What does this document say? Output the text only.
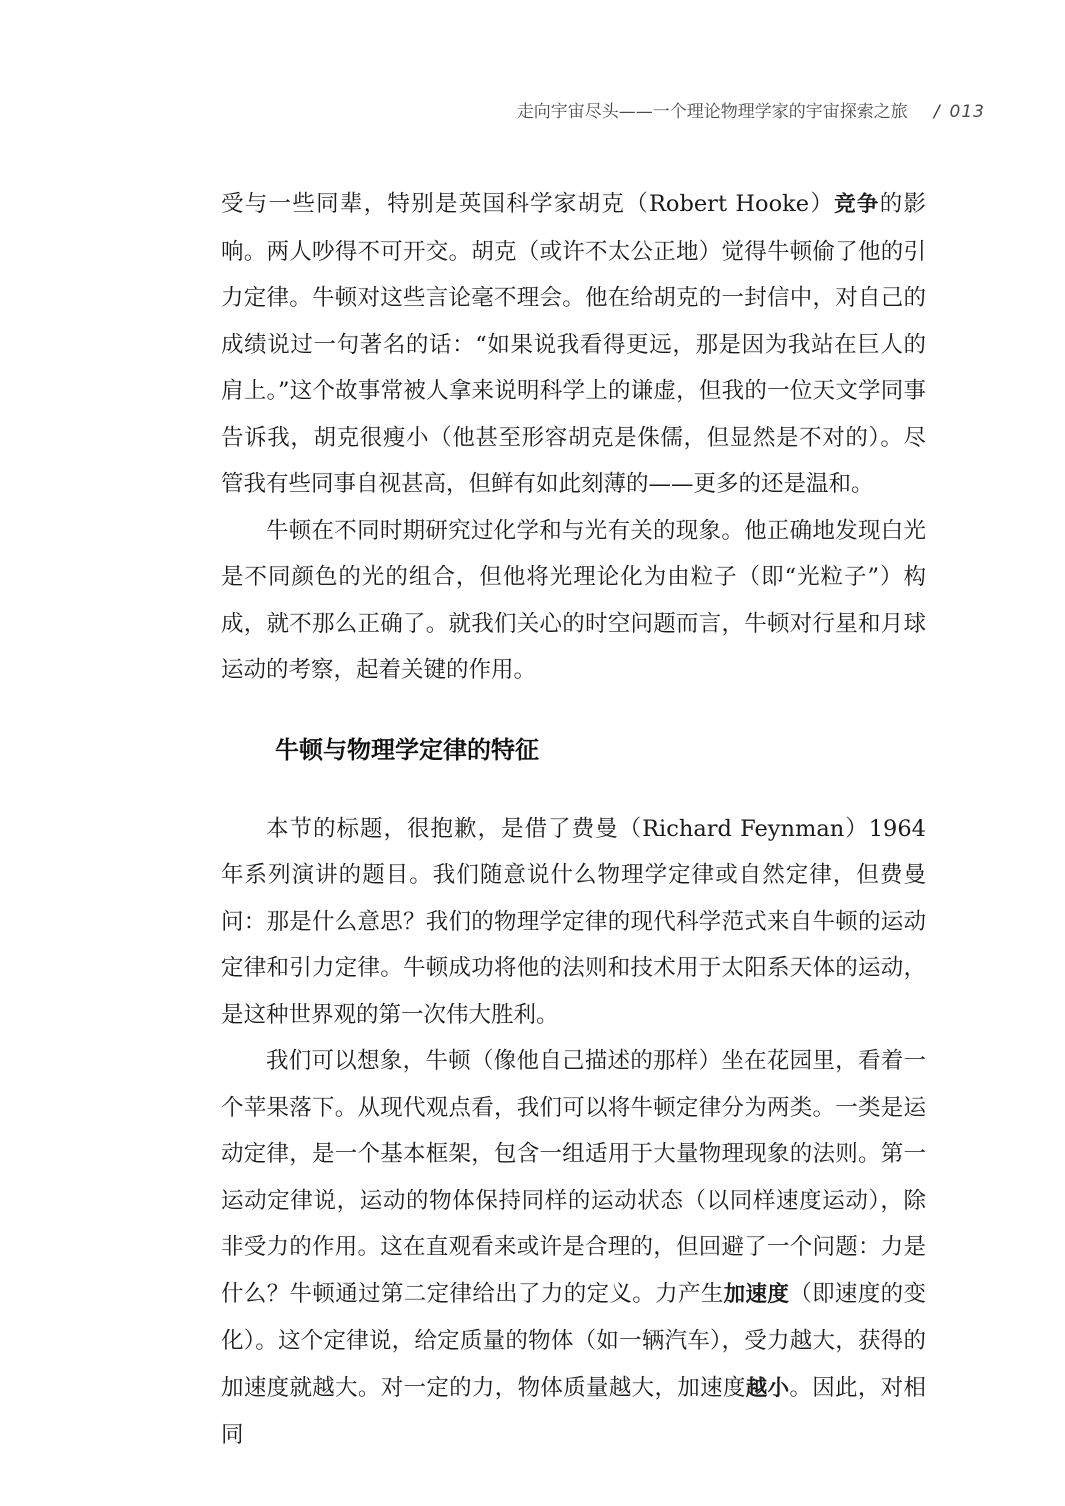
走向宇宙尽头——一个理论物理学家的宇宙探索之旅 / 013

受与一些同辈，特别是英国科学家胡克（Robert Hooke）竞争的影响。两人吵得不可开交。胡克（或许不太公正地）觉得牛顿偷了他的引力定律。牛顿对这些言论毫不理会。他在给胡克的一封信中，对自己的成绩说过一句著名的话：“如果说我看得更远，那是因为我站在巨人的肩上。”这个故事常被人拿来说明科学上的谦虚，但我的一位天文学同事告诉我，胡克很瘦小（他甚至形容胡克是侏儒，但显然是不对的）。尽管我有些同事自视甚高，但鲜有如此刻薄的——更多的还是温和。

牛顿在不同时期研究过化学和与光有关的现象。他正确地发现白光是不同颜色的光的组合，但他将光理论化为由粒子（即“光粒子”）构成，就不那么正确了。就我们关心的时空问题而言，牛顿对行星和月球运动的考察，起着关键的作用。

牛顿与物理学定律的特征

本节的标题，很抱歉，是借了费曼（Richard Feynman）1964年系列演讲的题目。我们随意说什么物理学定律或自然定律，但费曼问：那是什么意思？我们的物理学定律的现代科学范式来自牛顿的运动定律和引力定律。牛顿成功将他的法则和技术用于太阳系天体的运动，是这种世界观的第一次伟大胜利。

我们可以想象，牛顿（像他自己描述的那样）坐在花园里，看着一个苹果落下。从现代观点看，我们可以将牛顿定律分为两类。一类是运动定律，是一个基本框架，包含一组适用于大量物理现象的法则。第一运动定律说，运动的物体保持同样的运动状态（以同样速度运动），除非受力的作用。这在直观看来或许是合理的，但回避了一个问题：力是什么？牛顿通过第二定律给出了力的定义。力产生加速度（即速度的变化）。这个定律说，给定质量的物体（如一辆汽车），受力越大，获得的加速度就越大。对一定的力，物体质量越大，加速度越小。因此，对相同
